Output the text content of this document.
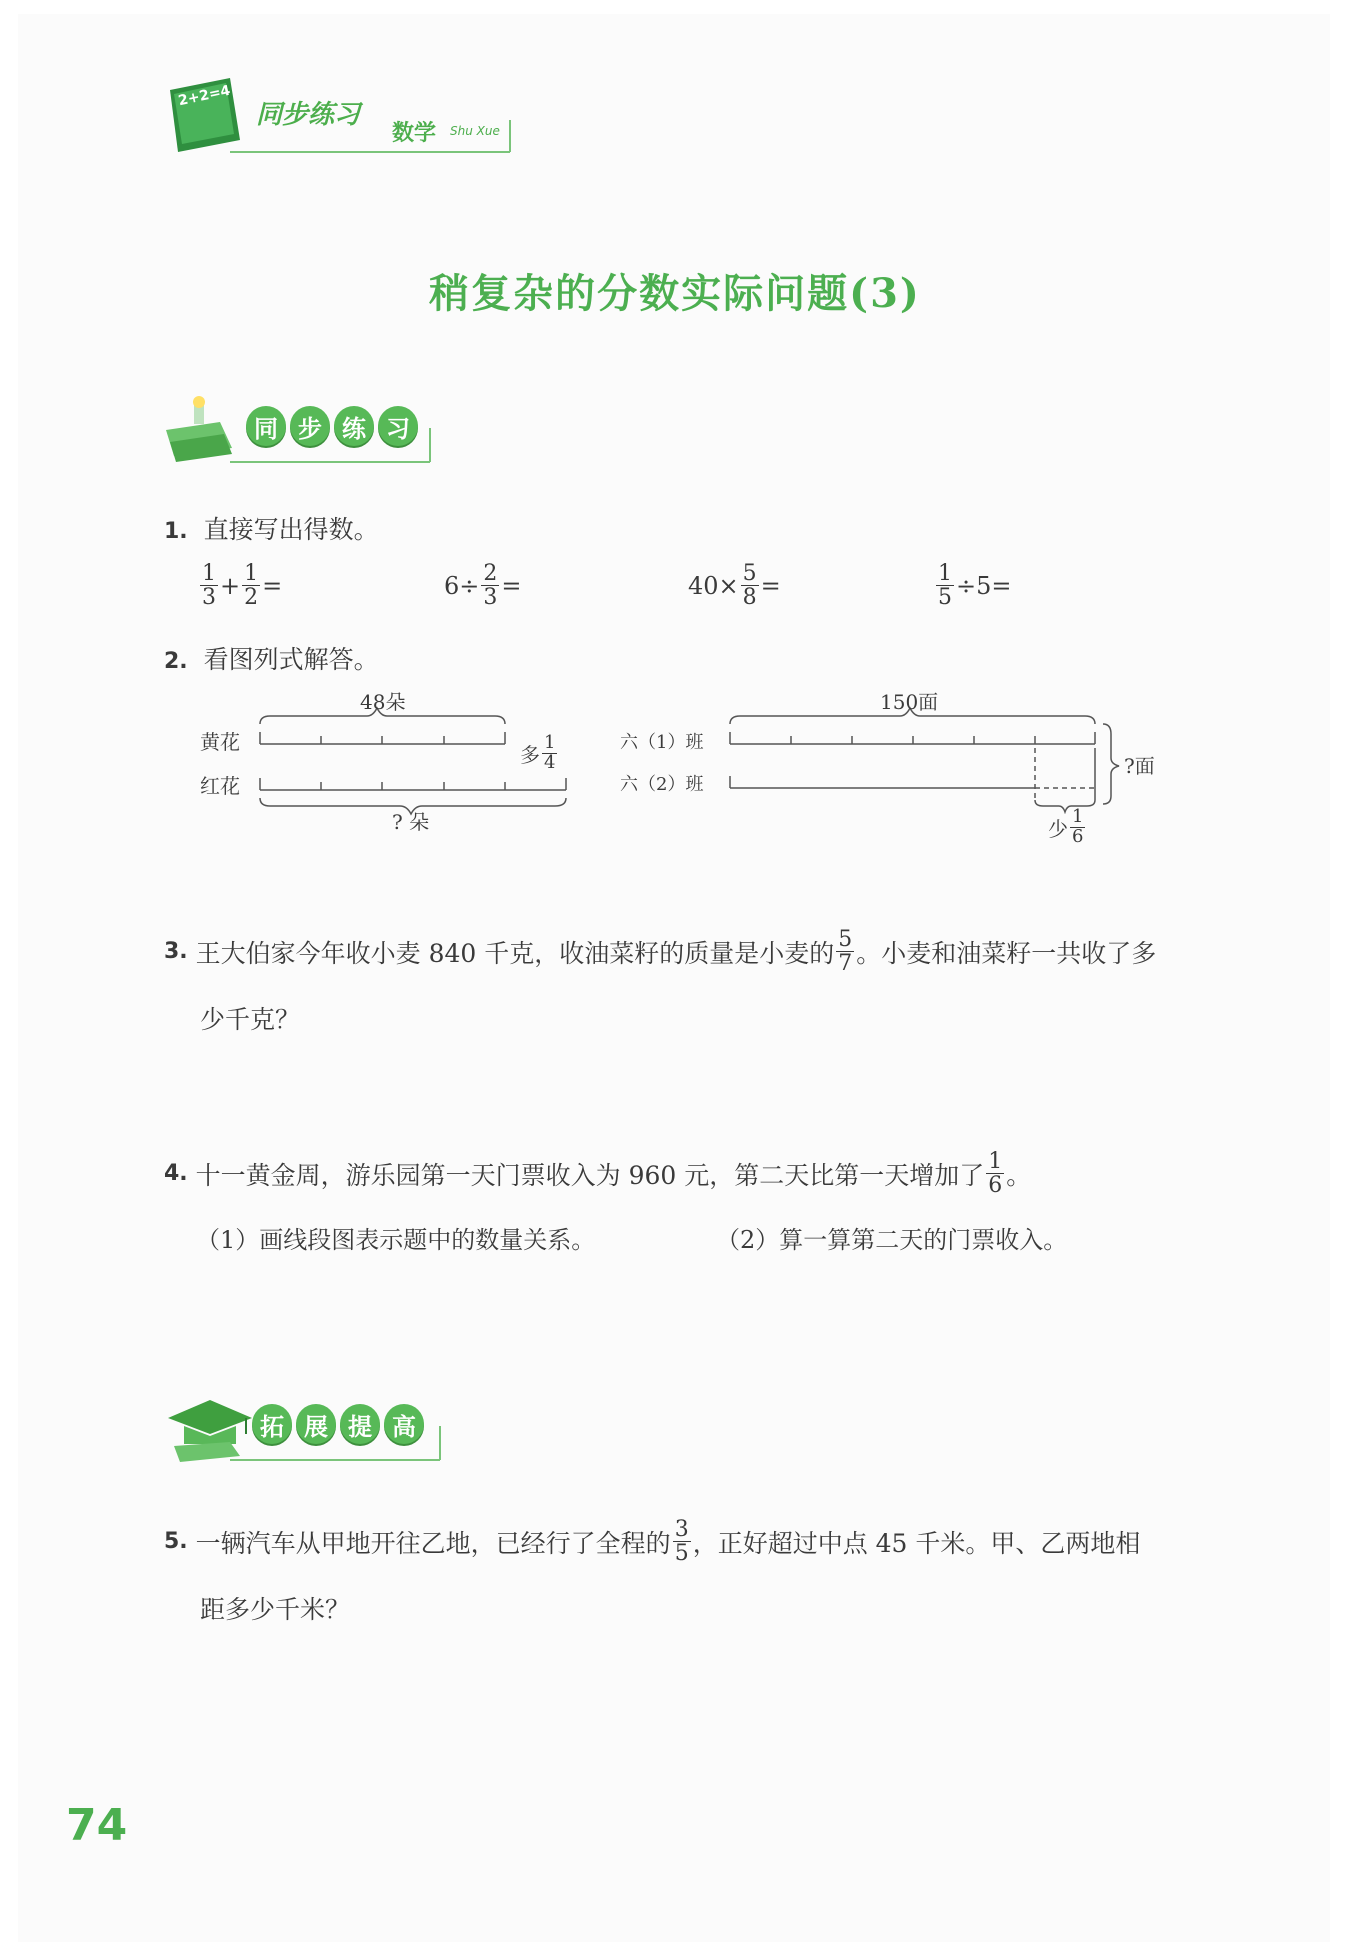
2+2=4
同步练习
数学 Shu Xue
稍复杂的分数实际问题(3)
同 步 练 习
1. 直接写出得数。
$\frac{1}{3} + \frac{1}{2}$ =	$6\div \frac{2}{3}$ =	$40\times \frac{5}{8}$ =	$\frac{1}{5} \div 5=$
2. 看图列式解答。
48朵
黄花
红花
多 $\frac{1}{4}$
? 朵
150面
六（1）班
六（2）班
?面
少 $\frac{1}{6}$
3. 王大伯家今年收小麦 840 千克，收油菜籽的质量是小麦的 $\frac{5}{7}$ 。小麦和油菜籽一共收了多
少千克？
4. 十一黄金周，游乐园第一天门票收入为 960 元，第二天比第一天增加了 $\frac{1}{6}$ 。
（1）画线段图表示题中的数量关系。	（2）算一算第二天的门票收入。
拓 展 提 高
5. 一辆汽车从甲地开往乙地，已经行了全程的 $\frac{3}{5}$ ，正好超过中点 45 千米。甲、乙两地相
距多少千米？
74
